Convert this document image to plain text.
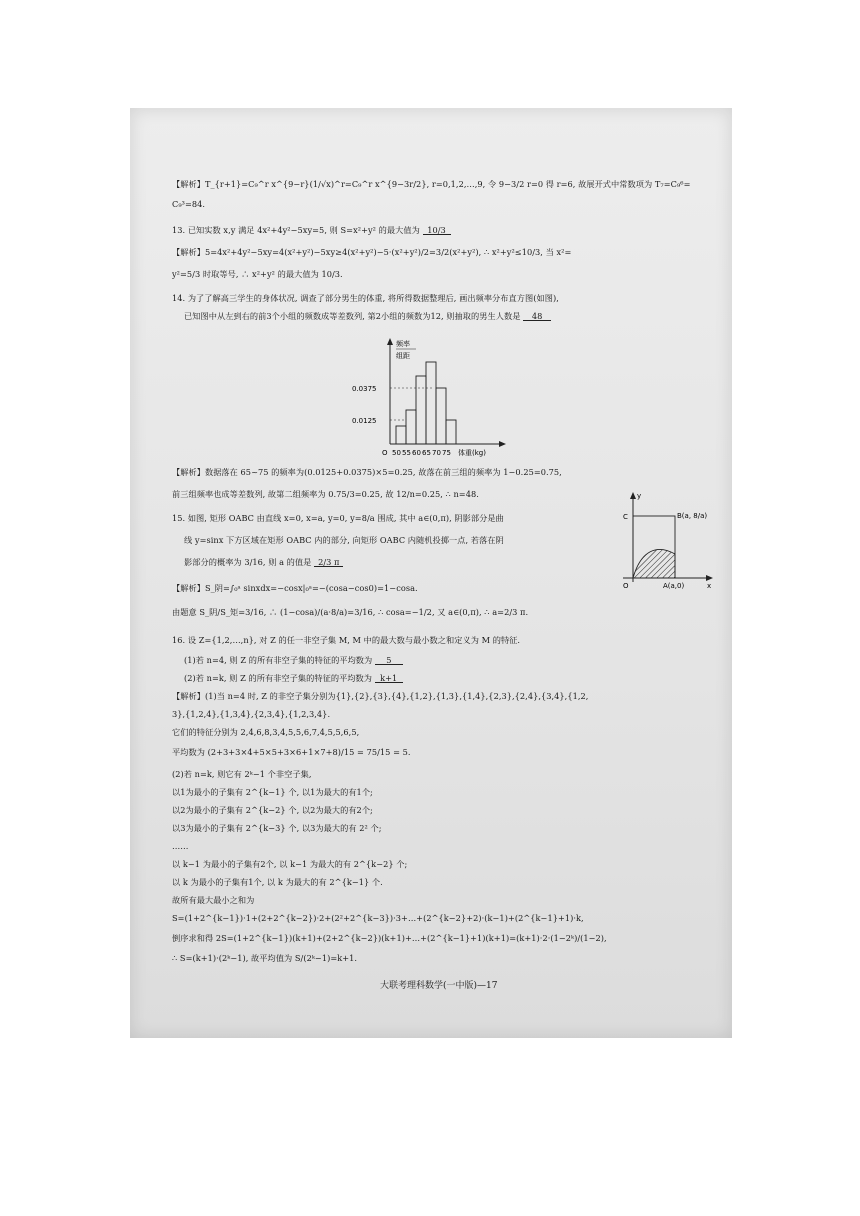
【解析】T_{r+1}=C₉^r x^{9−r}(1/√x)^r=C₉^r x^{9−3r/2}, r=0,1,2,…,9, 令 9−3/2 r=0 得 r=6, 故展开式中常数项为 T₇=C₉⁶=
C₉³=84.
13. 已知实数 x,y 满足 4x²+4y²−5xy=5, 则 S=x²+y² 的最大值为 10/3
【解析】5=4x²+4y²−5xy=4(x²+y²)−5xy≥4(x²+y²)−5·(x²+y²)/2=3/2(x²+y²), ∴ x²+y²≤10/3, 当 x²=
y²=5/3 时取等号, ∴ x²+y² 的最大值为 10/3.
14. 为了了解高三学生的身体状况, 调查了部分男生的体重, 将所得数据整理后, 画出频率分布直方图(如图),
已知图中从左到右的前3个小组的频数成等差数列, 第2小组的频数为12, 则抽取的男生人数是 48
频率
组距
0.0375
0.0125
O 50 55 60 65 70 75 体重(kg)
【解析】数据落在 65~75 的频率为(0.0125+0.0375)×5=0.25, 故落在前三组的频率为 1−0.25=0.75,
前三组频率也成等差数列, 故第二组频率为 0.75/3=0.25, 故 12/n=0.25, ∴ n=48.
15. 如图, 矩形 OABC 由直线 x=0, x=a, y=0, y=8/a 围成, 其中 a∈(0,π), 阴影部分是曲
线 y=sinx 下方区域在矩形 OABC 内的部分, 向矩形 OABC 内随机投掷一点, 若落在阴
影部分的概率为 3/16, 则 a 的值是 2/3 π
y
x
C	B(a, 8/a)
O	A(a,0)
【解析】S_阴=∫₀ᵃ sinxdx=−cosx|₀ᵃ=−(cosa−cos0)=1−cosa.
由题意 S_阴/S_矩=3/16, ∴ (1−cosa)/(a·8/a)=3/16, ∴ cosa=−1/2, 又 a∈(0,π), ∴ a=2/3 π.
16. 设 Z={1,2,…,n}, 对 Z 的任一非空子集 M, M 中的最大数与最小数之和定义为 M 的特征.
(1)若 n=4, 则 Z 的所有非空子集的特征的平均数为 5
(2)若 n=k, 则 Z 的所有非空子集的特征的平均数为 k+1
【解析】(1)当 n=4 时, Z 的非空子集分别为{1},{2},{3},{4},{1,2},{1,3},{1,4},{2,3},{2,4},{3,4},{1,2,
3},{1,2,4},{1,3,4},{2,3,4},{1,2,3,4}.
它们的特征分别为 2,4,6,8,3,4,5,5,6,7,4,5,5,6,5,
平均数为 (2+3+3×4+5×5+3×6+1×7+8)/15 = 75/15 = 5.
(2)若 n=k, 则它有 2ᵏ−1 个非空子集,
以1为最小的子集有 2^{k−1} 个, 以1为最大的有1个;
以2为最小的子集有 2^{k−2} 个, 以2为最大的有2个;
以3为最小的子集有 2^{k−3} 个, 以3为最大的有 2² 个;
……
以 k−1 为最小的子集有2个, 以 k−1 为最大的有 2^{k−2} 个;
以 k 为最小的子集有1个, 以 k 为最大的有 2^{k−1} 个.
故所有最大最小之和为
S=(1+2^{k−1})·1+(2+2^{k−2})·2+(2²+2^{k−3})·3+…+(2^{k−2}+2)·(k−1)+(2^{k−1}+1)·k,
倒序求和得 2S=(1+2^{k−1})(k+1)+(2+2^{k−2})(k+1)+…+(2^{k−1}+1)(k+1)=(k+1)·2·(1−2ᵏ)/(1−2),
∴ S=(k+1)·(2ᵏ−1), 故平均值为 S/(2ᵏ−1)=k+1.
大联考理科数学(一中版)—17
